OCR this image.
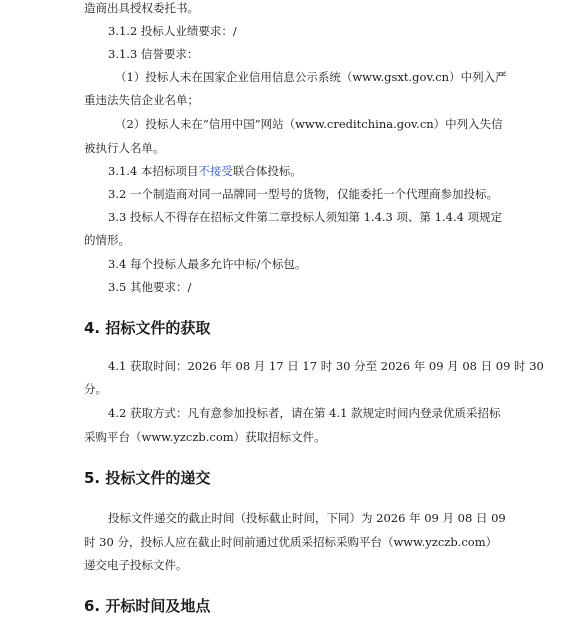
造商出具授权委托书。

3.1.2 投标人业绩要求：/

3.1.3 信誉要求：

（1）投标人未在国家企业信用信息公示系统（www.gsxt.gov.cn）中列入严

重违法失信企业名单；

（2）投标人未在“信用中国”网站（www.creditchina.gov.cn）中列入失信

被执行人名单。

3.1.4 本招标项目不接受联合体投标。

3.2 一个制造商对同一品牌同一型号的货物，仅能委托一个代理商参加投标。

3.3 投标人不得存在招标文件第二章投标人须知第 1.4.3 项、第 1.4.4 项规定

的情形。

3.4 每个投标人最多允许中标/个标包。

3.5 其他要求：/

4. 招标文件的获取

4.1 获取时间：2026 年 08 月 17 日 17 时 30 分至 2026 年 09 月 08 日 09 时 30

分。

4.2 获取方式：凡有意参加投标者，请在第 4.1 款规定时间内登录优质采招标

采购平台（www.yzczb.com）获取招标文件。

5. 投标文件的递交

投标文件递交的截止时间（投标截止时间，下同）为 2026 年 09 月 08 日 09

时 30 分，投标人应在截止时间前通过优质采招标采购平台（www.yzczb.com）

递交电子投标文件。

6. 开标时间及地点
